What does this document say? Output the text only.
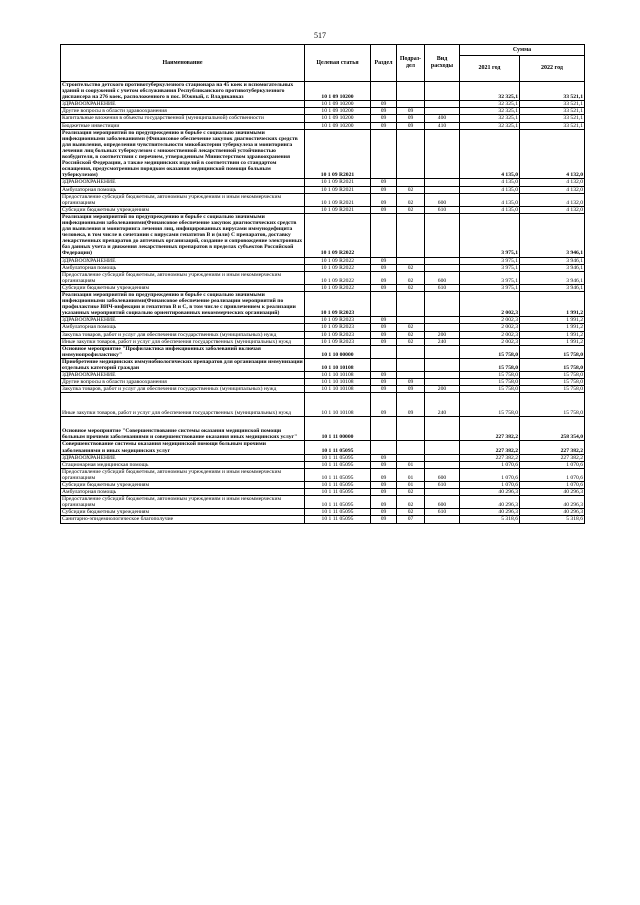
517
Наименование	Целевая статья	Раздел	Подраз-дел	Вид расходы	Сумма	
					2021 год	2022 год
Строительство детского противотуберкулезного стационара на 45 коек и вспомогательных зданий и сооружений с учетом обслуживания Республиканского противотуберкулезного диспансера на 276 коек, расположенного в пос. Южный, г. Владикавказ	10 1 09 10200				32 325,1	33 521,1
ЗДРАВООХРАНЕНИЕ	10 1 09 10200	09			32 325,1	33 521,1
Другие вопросы в области здравоохранения	10 1 09 10200	09	09		32 325,1	33 521,1
Капитальные вложения в объекты государственной (муниципальной) собственности	10 1 09 10200	09	09	400	32 325,1	33 521,1
Бюджетные инвестиции	10 1 09 10200	09	09	410	32 325,1	33 521,1
Реализация мероприятий по предупреждению и борьбе с социально значимыми инфекционными заболеваниями (Финансовое обеспечение закупок диагностических средств для выявления, определения чувствительности микобактерии туберкулеза и мониторинга лечения лиц больных туберкулезом с множественной лекарственной устойчивостью возбудителя, в соответствии с перечнем, утвержденным Министерством здравоохранения Российской Федерации, а также медицинских изделий в соответствии со стандартом оснащения, предусмотренным порядком оказания медицинской помощи больным туберкулезом)	10 1 09 R2021				4 135,0	4 132,0
ЗДРАВООХРАНЕНИЕ	10 1 09 R2021	09			4 135,0	4 132,0
Амбулаторная помощь	10 1 09 R2021	09	02		4 135,0	4 132,0
Предоставление субсидий бюджетным, автономным учреждениям и иным некоммерческим организациям	10 1 09 R2021	09	02	600	4 135,0	4 132,0
Субсидии бюджетным учреждениям	10 1 09 R2021	09	02	610	4 135,0	4 132,0
Реализация мероприятий по предупреждению и борьбе с социально значимыми инфекционными заболеваниями(Финансовое обеспечение закупок диагностических средств для выявления и мониторинга лечения лиц, инфицированных вирусами иммунодефицита человека, в том числе в сочетании с вирусами гепатитов В и (или) С препаратов, доставку лекарственных препаратов до аптечных организаций, создание и сопровождение электронных баз данных учета и движения лекарственных препаратов в пределах субъектов Российской Федерации)	10 1 09 R2022				3 975,1	3 946,1
ЗДРАВООХРАНЕНИЕ	10 1 09 R2022	09			3 975,1	3 946,1
Амбулаторная помощь	10 1 09 R2022	09	02		3 975,1	3 946,1
Предоставление субсидий бюджетным, автономным учреждениям и иным некоммерческим организациям	10 1 09 R2022	09	02	600	3 975,1	3 946,1
Субсидии бюджетным учреждениям	10 1 09 R2022	09	02	610	3 975,1	3 946,1
Реализация мероприятий по предупреждению и борьбе с социально значимыми инфекционными заболеваниями(Финансовое обеспечение реализации мероприятий по профилактике ВИЧ-инфекции и гепатитов В и С, в том числе с привлечением к реализации указанных мероприятий социально ориентированных некоммерческих организаций)	10 1 09 R2023				2 002,3	1 991,2
ЗДРАВООХРАНЕНИЕ	10 1 09 R2023	09			2 002,3	1 991,2
Амбулаторная помощь	10 1 09 R2023	09	02		2 002,3	1 991,2
Закупка товаров, работ и услуг для обеспечения государственных (муниципальных) нужд	10 1 09 R2023	09	02	200	2 002,3	1 991,2
Иные закупки товаров, работ и услуг для обеспечения государственных (муниципальных) нужд	10 1 09 R2023	09	02	240	2 002,3	1 991,2
Основное мероприятие "Профилактика инфекционных заболеваний включая иммунопрофилактику"	10 1 10 00000				15 758,0	15 758,0
Приобретение медицинских иммунобиологических препаратов для организации иммунизации отдельных категорий граждан	10 1 10 10108				15 758,0	15 758,0
ЗДРАВООХРАНЕНИЕ	10 1 10 10108	09			15 758,0	15 758,0
Другие вопросы в области здравоохранения	10 1 10 10108	09	09		15 758,0	15 758,0
Закупка товаров, работ и услуг для обеспечения государственных (муниципальных) нужд	10 1 10 10108	09	09	200	15 758,0	15 758,0
Иные закупки товаров, работ и услуг для обеспечения государственных (муниципальных) нужд	10 1 10 10108	09	09	240	15 758,0	15 758,0
Основное мероприятие "Совершенствование системы оказания медицинской помощи больным прочими заболеваниями и совершенствование оказания иных медицинских услуг"	10 1 11 00000				227 382,2	258 354,0
Совершенствование системы оказания медицинской помощи больным прочими заболеваниями и иных медицинских услуг	10 1 11 05095				227 382,2	227 382,2
ЗДРАВООХРАНЕНИЕ	10 1 11 05095	09			227 382,2	227 382,2
Стационарная медицинская помощь	10 1 11 05095	09	01		1 070,6	1 070,6
Предоставление субсидий бюджетным, автономным учреждениям и иным некоммерческим организациям	10 1 11 05095	09	01	600	1 070,6	1 070,6
Субсидии бюджетным учреждениям	10 1 11 05095	09	01	610	1 070,6	1 070,6
Амбулаторная помощь	10 1 11 05095	09	02		40 296,3	40 296,3
Предоставление субсидий бюджетным, автономным учреждениям и иным некоммерческим организациям	10 1 11 05095	09	02	600	40 296,3	40 296,3
Субсидии бюджетным учреждениям	10 1 11 05095	09	02	610	40 296,3	40 296,3
Санитарно-эпидемиологическое благополучие	10 1 11 05095	09	07		5 318,6	5 318,6
